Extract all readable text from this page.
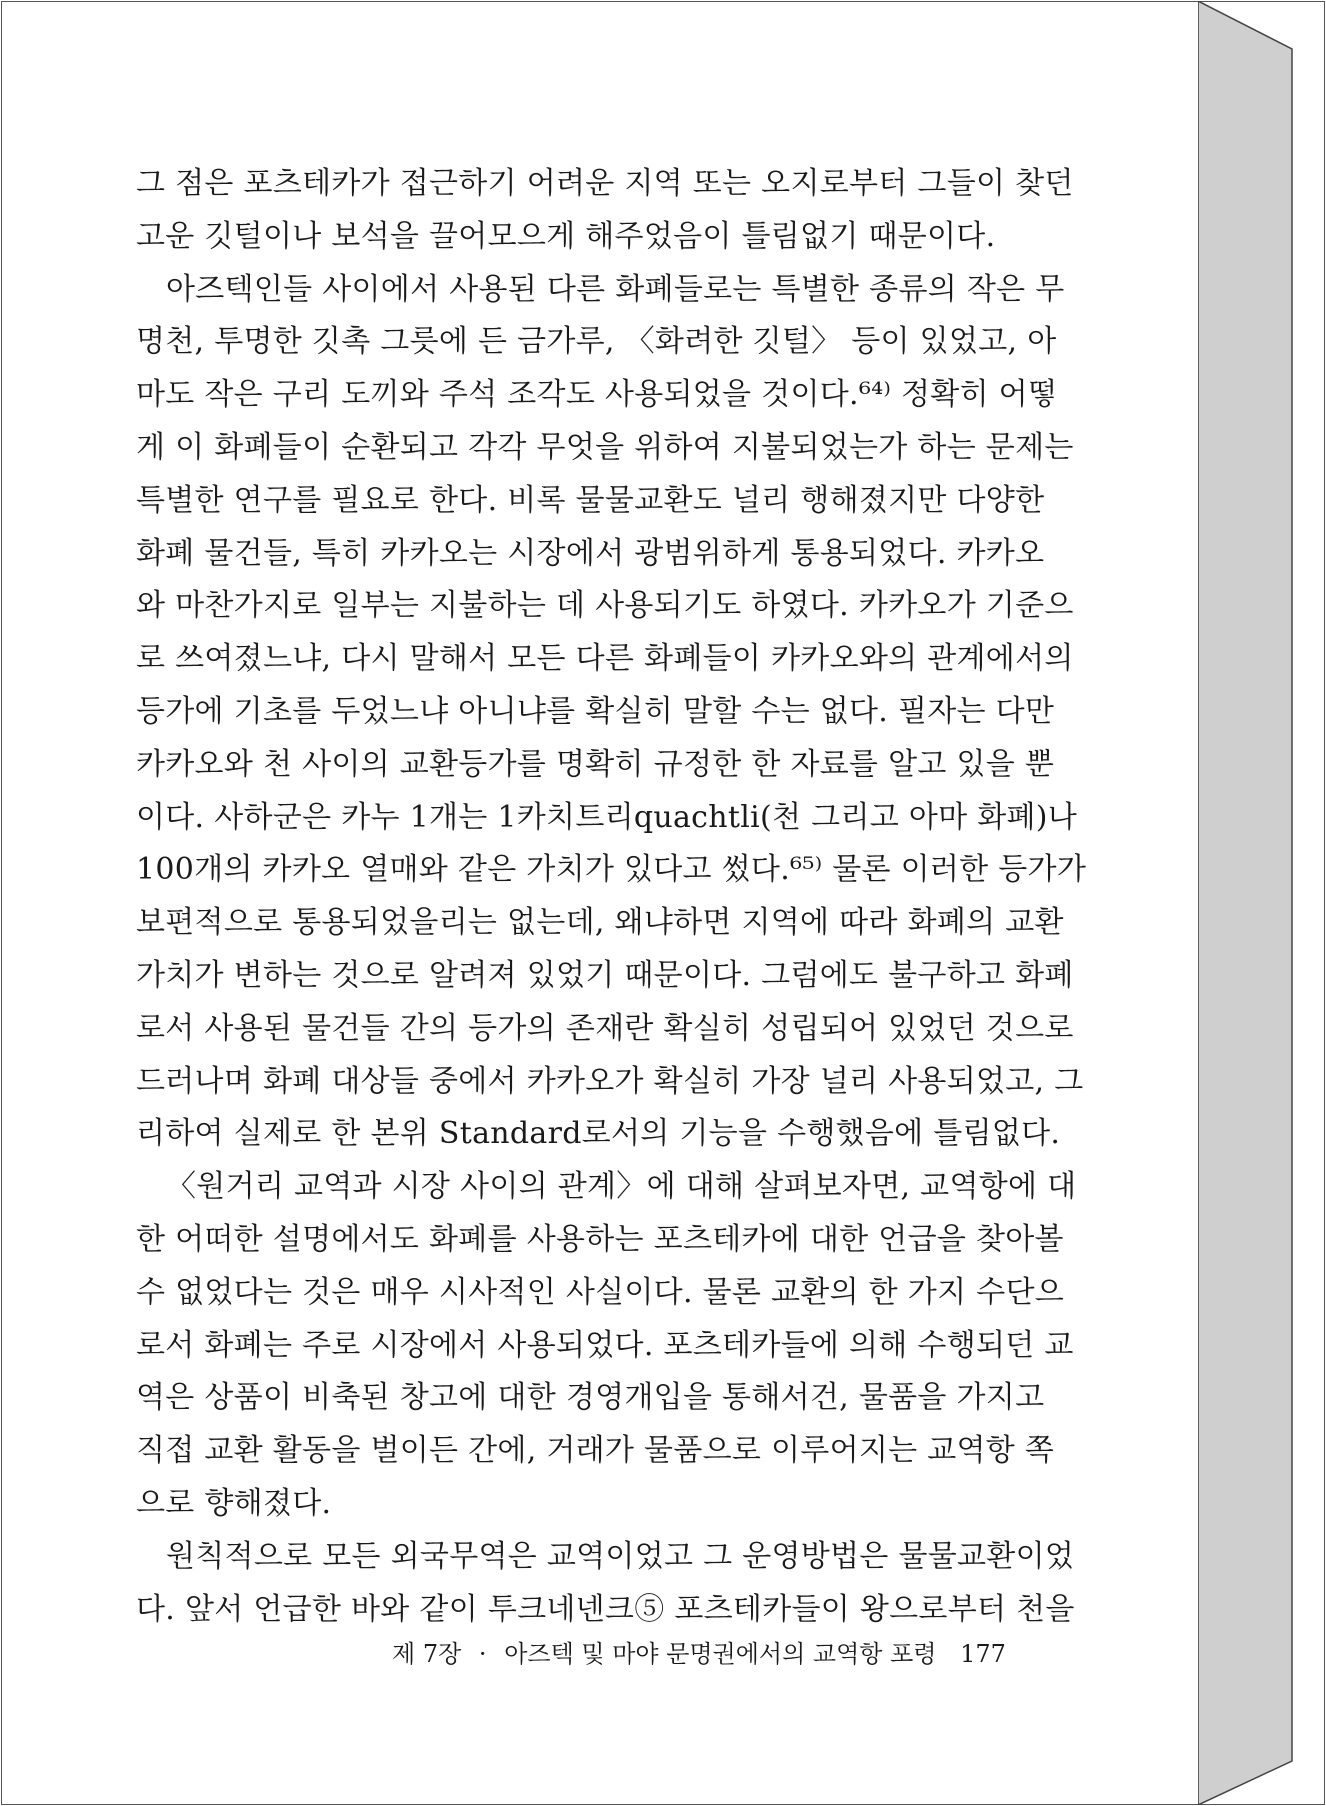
그 점은 포츠테카가 접근하기 어려운 지역 또는 오지로부터 그들이 찾던
고운 깃털이나 보석을 끌어모으게 해주었음이 틀림없기 때문이다.
아즈텍인들 사이에서 사용된 다른 화폐들로는 특별한 종류의 작은 무
명천, 투명한 깃촉 그릇에 든 금가루, 〈화려한 깃털〉 등이 있었고, 아
마도 작은 구리 도끼와 주석 조각도 사용되었을 것이다.⁶⁴⁾ 정확히 어떻
게 이 화폐들이 순환되고 각각 무엇을 위하여 지불되었는가 하는 문제는
특별한 연구를 필요로 한다. 비록 물물교환도 널리 행해졌지만 다양한
화폐 물건들, 특히 카카오는 시장에서 광범위하게 통용되었다. 카카오
와 마찬가지로 일부는 지불하는 데 사용되기도 하였다. 카카오가 기준으
로 쓰여졌느냐, 다시 말해서 모든 다른 화폐들이 카카오와의 관계에서의
등가에 기초를 두었느냐 아니냐를 확실히 말할 수는 없다. 필자는 다만
카카오와 천 사이의 교환등가를 명확히 규정한 한 자료를 알고 있을 뿐
이다. 사하군은 카누 1개는 1카치트리quachtli(천 그리고 아마 화폐)나
100개의 카카오 열매와 같은 가치가 있다고 썼다.⁶⁵⁾ 물론 이러한 등가가
보편적으로 통용되었을리는 없는데, 왜냐하면 지역에 따라 화폐의 교환
가치가 변하는 것으로 알려져 있었기 때문이다. 그럼에도 불구하고 화폐
로서 사용된 물건들 간의 등가의 존재란 확실히 성립되어 있었던 것으로
드러나며 화폐 대상들 중에서 카카오가 확실히 가장 널리 사용되었고, 그
리하여 실제로 한 본위 Standard로서의 기능을 수행했음에 틀림없다.
〈원거리 교역과 시장 사이의 관계〉에 대해 살펴보자면, 교역항에 대
한 어떠한 설명에서도 화폐를 사용하는 포츠테카에 대한 언급을 찾아볼
수 없었다는 것은 매우 시사적인 사실이다. 물론 교환의 한 가지 수단으
로서 화폐는 주로 시장에서 사용되었다. 포츠테카들에 의해 수행되던 교
역은 상품이 비축된 창고에 대한 경영개입을 통해서건, 물품을 가지고
직접 교환 활동을 벌이든 간에, 거래가 물품으로 이루어지는 교역항 쪽
으로 향해졌다.
원칙적으로 모든 외국무역은 교역이었고 그 운영방법은 물물교환이었
다. 앞서 언급한 바와 같이 투크네넨크⑤ 포츠테카들이 왕으로부터 천을
제 7장 · 아즈텍 및 마야 문명권에서의 교역항 포령 177
